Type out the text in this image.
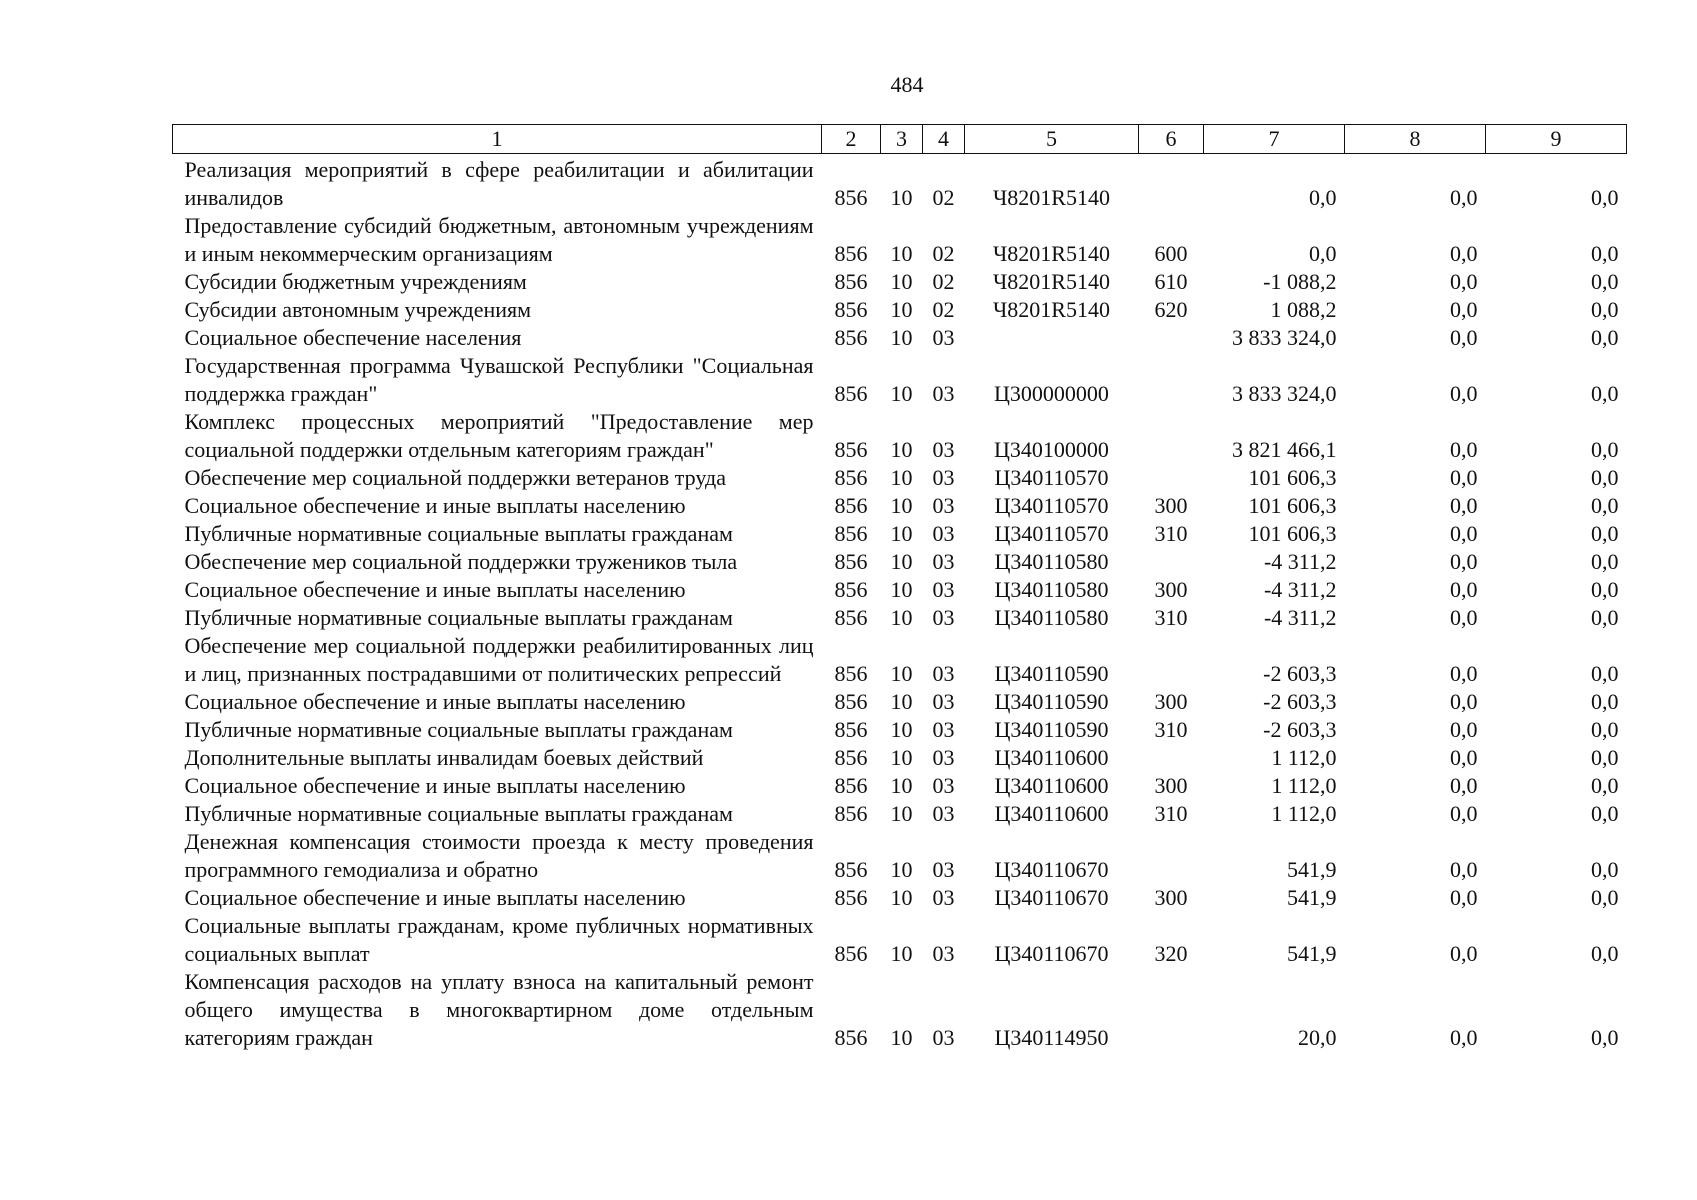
484
1	2	3	4	5	6	7	8	9
Реализация мероприятий в сфере реабилитации и абилитации инвалидов	856	10	02	Ч8201R5140		0,0	0,0	0,0
Предоставление субсидий бюджетным, автономным учреждениям и иным некоммерческим организациям	856	10	02	Ч8201R5140	600	0,0	0,0	0,0
Субсидии бюджетным учреждениям	856	10	02	Ч8201R5140	610	-1 088,2	0,0	0,0
Субсидии автономным учреждениям	856	10	02	Ч8201R5140	620	1 088,2	0,0	0,0
Социальное обеспечение населения	856	10	03			3 833 324,0	0,0	0,0
Государственная программа Чувашской Республики "Социальная поддержка граждан"	856	10	03	Ц300000000		3 833 324,0	0,0	0,0
Комплекс процессных мероприятий "Предоставление мер социальной поддержки отдельным категориям граждан"	856	10	03	Ц340100000		3 821 466,1	0,0	0,0
Обеспечение мер социальной поддержки ветеранов труда	856	10	03	Ц340110570		101 606,3	0,0	0,0
Социальное обеспечение и иные выплаты населению	856	10	03	Ц340110570	300	101 606,3	0,0	0,0
Публичные нормативные социальные выплаты гражданам	856	10	03	Ц340110570	310	101 606,3	0,0	0,0
Обеспечение мер социальной поддержки тружеников тыла	856	10	03	Ц340110580		-4 311,2	0,0	0,0
Социальное обеспечение и иные выплаты населению	856	10	03	Ц340110580	300	-4 311,2	0,0	0,0
Публичные нормативные социальные выплаты гражданам	856	10	03	Ц340110580	310	-4 311,2	0,0	0,0
Обеспечение мер социальной поддержки реабилитированных лиц и лиц, признанных пострадавшими от политических репрессий	856	10	03	Ц340110590		-2 603,3	0,0	0,0
Социальное обеспечение и иные выплаты населению	856	10	03	Ц340110590	300	-2 603,3	0,0	0,0
Публичные нормативные социальные выплаты гражданам	856	10	03	Ц340110590	310	-2 603,3	0,0	0,0
Дополнительные выплаты инвалидам боевых действий	856	10	03	Ц340110600		1 112,0	0,0	0,0
Социальное обеспечение и иные выплаты населению	856	10	03	Ц340110600	300	1 112,0	0,0	0,0
Публичные нормативные социальные выплаты гражданам	856	10	03	Ц340110600	310	1 112,0	0,0	0,0
Денежная компенсация стоимости проезда к месту проведения программного гемодиализа и обратно	856	10	03	Ц340110670		541,9	0,0	0,0
Социальное обеспечение и иные выплаты населению	856	10	03	Ц340110670	300	541,9	0,0	0,0
Социальные выплаты гражданам, кроме публичных нормативных социальных выплат	856	10	03	Ц340110670	320	541,9	0,0	0,0
Компенсация расходов на уплату взноса на капитальный ремонт общего имущества в многоквартирном доме отдельным категориям граждан	856	10	03	Ц340114950		20,0	0,0	0,0
